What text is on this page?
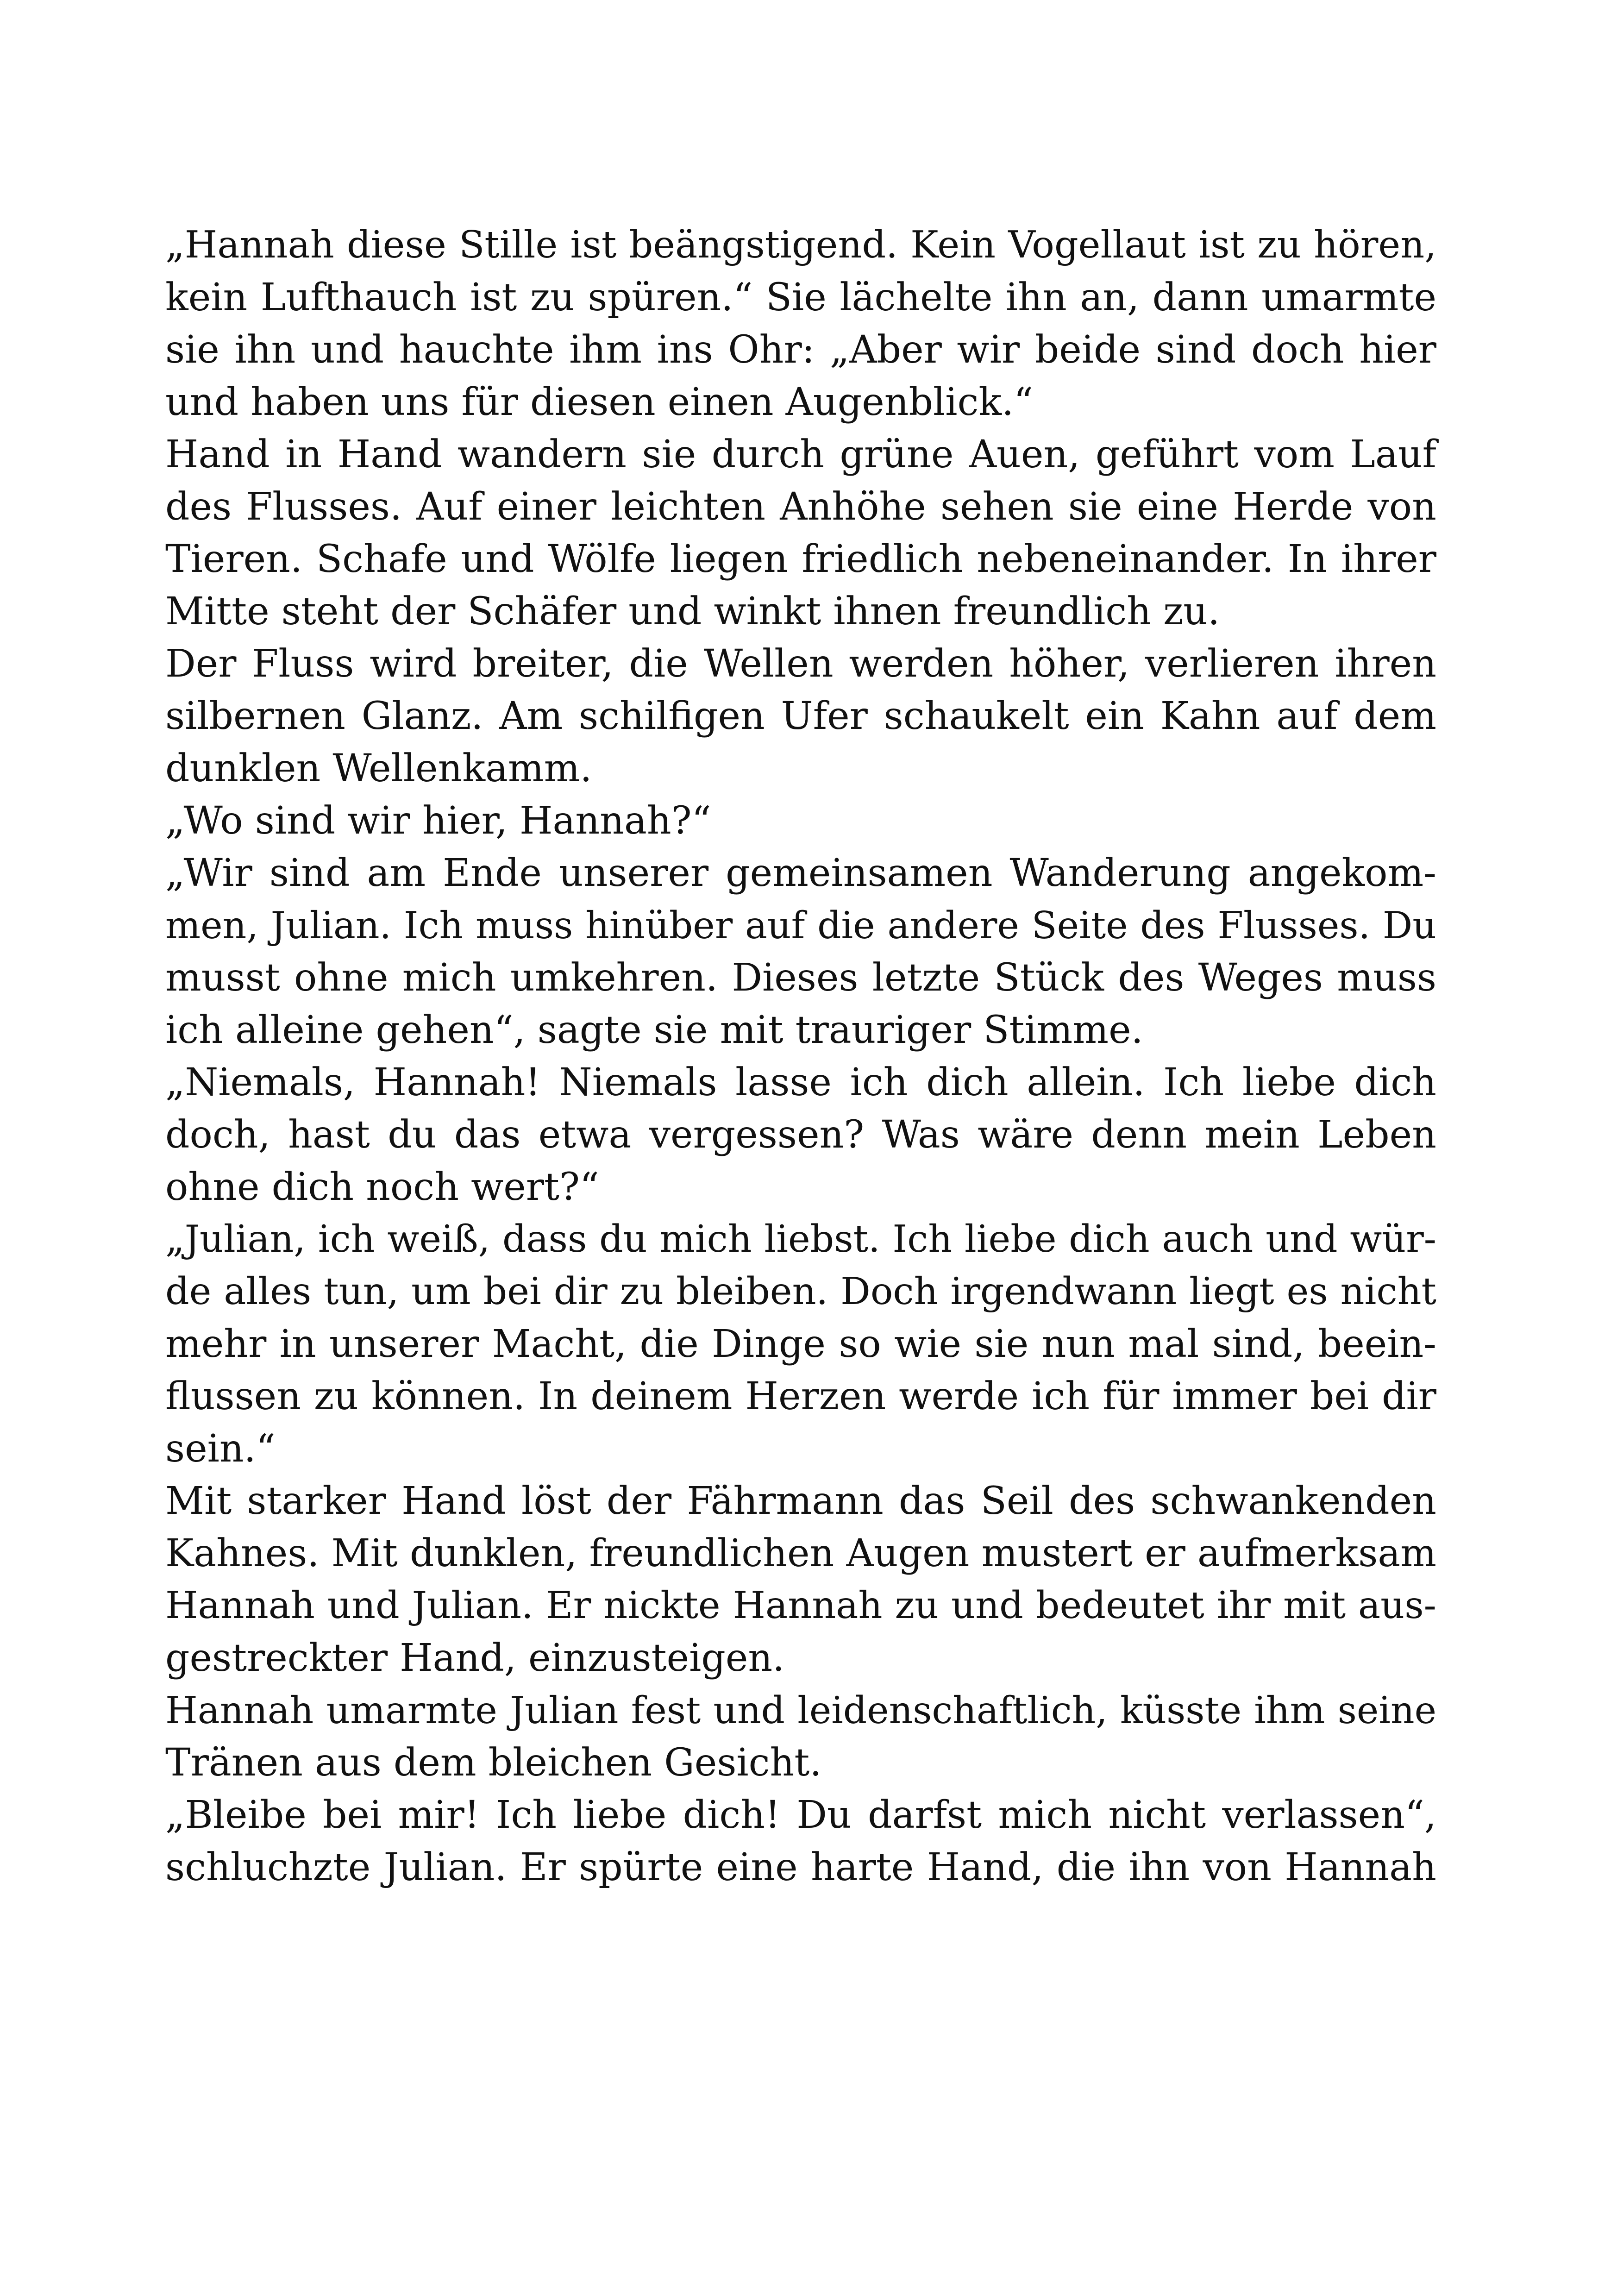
„Hannah diese Stille ist beängstigend. Kein Vogellaut ist zu hören,
kein Lufthauch ist zu spüren.“ Sie lächelte ihn an, dann umarmte
sie ihn und hauchte ihm ins Ohr: „Aber wir beide sind doch hier
und haben uns für diesen einen Augenblick.“
Hand in Hand wandern sie durch grüne Auen, geführt vom Lauf
des Flusses. Auf einer leichten Anhöhe sehen sie eine Herde von
Tieren. Schafe und Wölfe liegen friedlich nebeneinander. In ihrer
Mitte steht der Schäfer und winkt ihnen freundlich zu.
Der Fluss wird breiter, die Wellen werden höher, verlieren ihren
silbernen Glanz. Am schilfigen Ufer schaukelt ein Kahn auf dem
dunklen Wellenkamm.
„Wo sind wir hier, Hannah?“
„Wir sind am Ende unserer gemeinsamen Wanderung angekom-
men, Julian. Ich muss hinüber auf die andere Seite des Flusses. Du
musst ohne mich umkehren. Dieses letzte Stück des Weges muss
ich alleine gehen“, sagte sie mit trauriger Stimme.
„Niemals, Hannah! Niemals lasse ich dich allein. Ich liebe dich
doch, hast du das etwa vergessen? Was wäre denn mein Leben
ohne dich noch wert?“
„Julian, ich weiß, dass du mich liebst. Ich liebe dich auch und wür-
de alles tun, um bei dir zu bleiben. Doch irgendwann liegt es nicht
mehr in unserer Macht, die Dinge so wie sie nun mal sind, beein-
flussen zu können. In deinem Herzen werde ich für immer bei dir
sein.“
Mit starker Hand löst der Fährmann das Seil des schwankenden
Kahnes. Mit dunklen, freundlichen Augen mustert er aufmerksam
Hannah und Julian. Er nickte Hannah zu und bedeutet ihr mit aus-
gestreckter Hand, einzusteigen.
Hannah umarmte Julian fest und leidenschaftlich, küsste ihm seine
Tränen aus dem bleichen Gesicht.
„Bleibe bei mir! Ich liebe dich! Du darfst mich nicht verlassen“,
schluchzte Julian. Er spürte eine harte Hand, die ihn von Hannah
